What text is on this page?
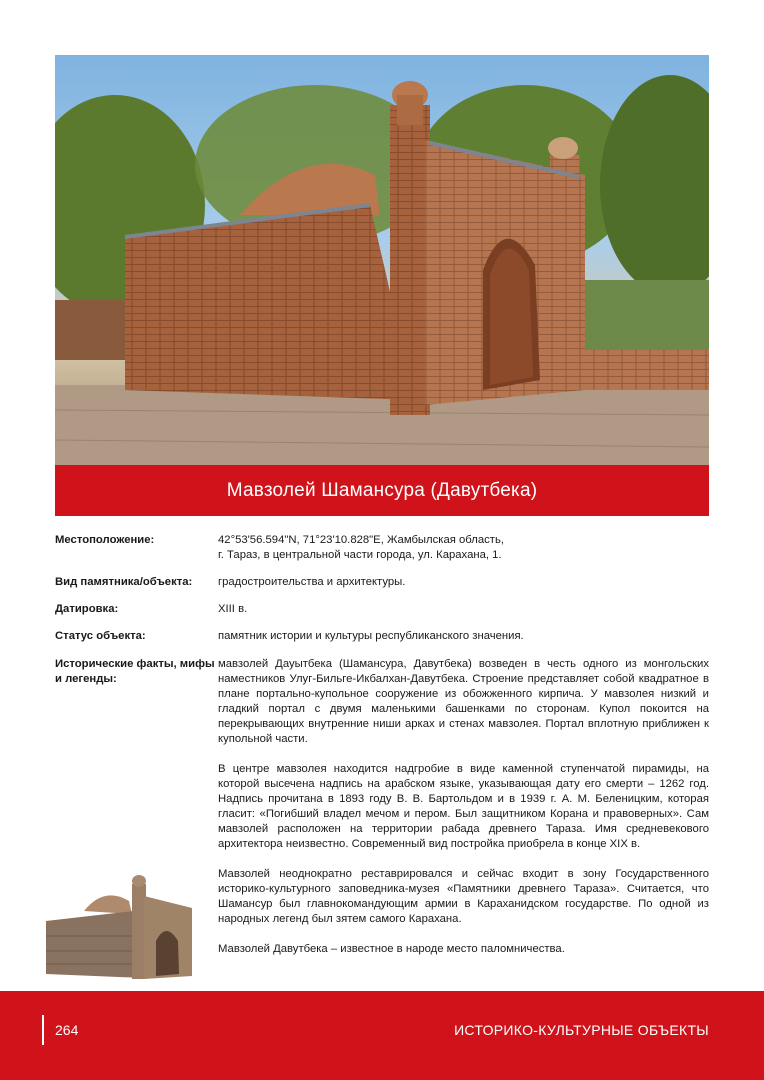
Мавзолей Шамансура (Давутбека)
Местоположение:	42°53'56.594"N, 71°23'10.828"E, Жамбылская область,
г. Тараз, в центральной части города, ул. Карахана, 1.
Вид памятника/объекта:	градостроительства и архитектуры.
Датировка:	XIII в.
Статус объекта:	памятник истории и культуры республиканского значения.
Исторические факты, мифы и легенды:

мавзолей Дауытбека (Шамансура, Давутбека) возведен в честь одного из монгольских наместников Улуг-Бильге-Икбалхан-Давутбека. Строение представляет собой квадратное в плане портально-купольное сооружение из обожженного кирпича. У мавзолея низкий и гладкий портал с двумя маленькими башенками по сторонам. Купол покоится на перекрывающих внутренние ниши арках и стенах мавзолея. Портал вплотную приближен к купольной части.

В центре мавзолея находится надгробие в виде каменной ступенчатой пирамиды, на которой высечена надпись на арабском языке, указывающая дату его смерти – 1262 год. Надпись прочитана в 1893 году В. В. Бартольдом и в 1939 г. А. М. Беленицким, которая гласит: «Погибший владел мечом и пером. Был защитником Корана и правоверных». Сам мавзолей расположен на территории рабада древнего Тараза. Имя средневекового архитектора неизвестно. Современный вид постройка приобрела в конце XIX в.

Мавзолей неоднократно реставрировался и сейчас входит в зону Государственного историко-культурного заповедника-музея «Памятники древнего Тараза». Считается, что Шамансур был главнокомандующим армии в Караханидском государстве. По одной из народных легенд был зятем самого Карахана.

Мавзолей Давутбека – известное в народе место паломничества.

264	ИСТОРИКО-КУЛЬТУРНЫЕ ОБЪЕКТЫ
